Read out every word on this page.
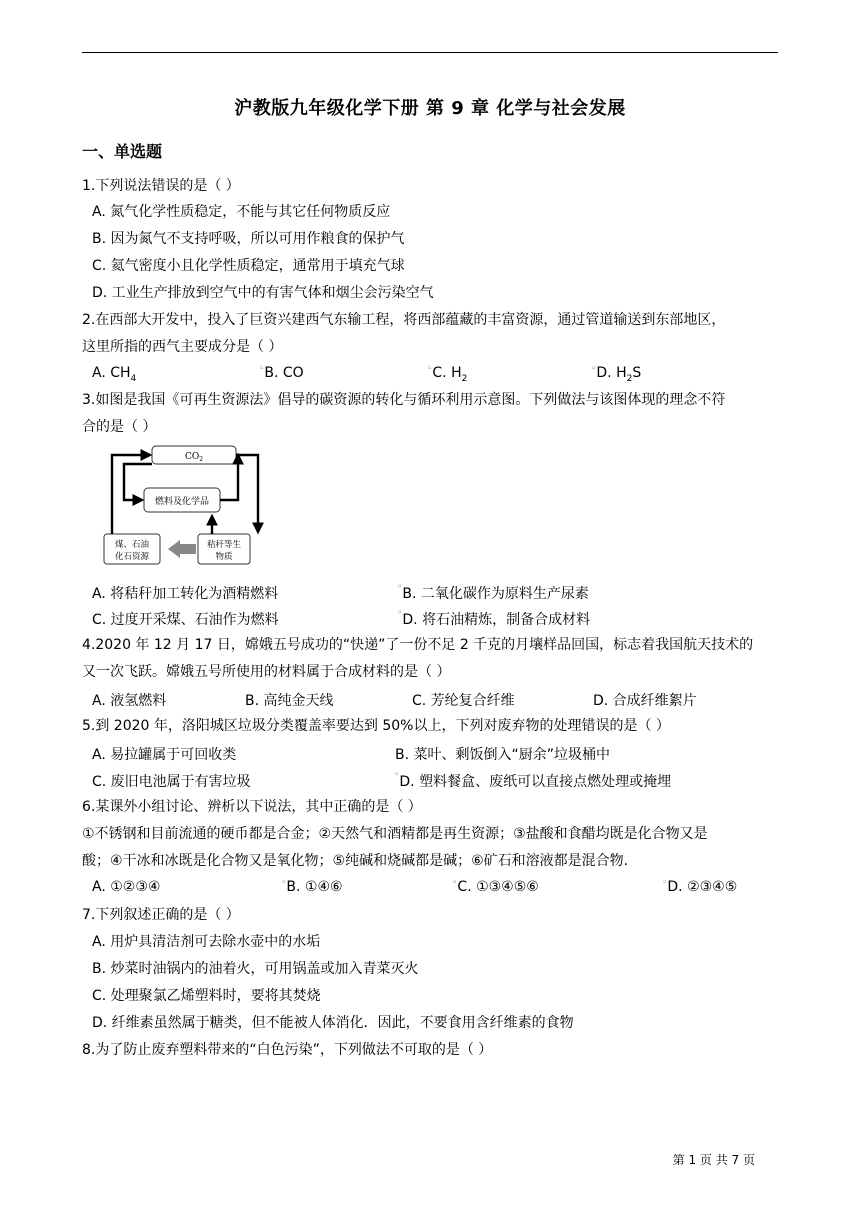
沪教版九年级化学下册 第 9 章 化学与社会发展
一、单选题
1.下列说法错误的是（ ）
A. 氮气化学性质稳定，不能与其它任何物质反应
B. 因为氮气不支持呼吸，所以可用作粮食的保护气
C. 氦气密度小且化学性质稳定，通常用于填充气球
D. 工业生产排放到空气中的有害气体和烟尘会污染空气
2.在西部大开发中，投入了巨资兴建西气东输工程，将西部蕴藏的丰富资源，通过管道输送到东部地区，
这里所指的西气主要成分是（ ）
A. $CH_4$
▫B. CO	▫C. $H_2$
▫D. $H_2S$
3.如图是我国《可再生资源法》倡导的碳资源的转化与循环利用示意图。下列做法与该图体现的理念不符
合的是（ ）
$CO_2$
燃料及化学品
煤、石油
化石资源
秸秆等生
物质
A. 将秸秆加工转化为酒精燃料	▫B. 二氧化碳作为原料生产尿素
C. 过度开采煤、石油作为燃料	▫D. 将石油精炼，制备合成材料
4.2020 年 12 月 17 日，嫦娥五号成功的“快递”了一份不足 2 千克的月壤样品回国，标志着我国航天技术的
又一次飞跃。嫦娥五号所使用的材料属于合成材料的是（ ）
A. 液氢燃料	B. 高纯金天线	C. 芳纶复合纤维	D. 合成纤维絮片
5.到 2020 年，洛阳城区垃圾分类覆盖率要达到 50%以上，下列对废弃物的处理错误的是（ ）
A. 易拉罐属于可回收类	B. 菜叶、剩饭倒入“厨余”垃圾桶中
C. 废旧电池属于有害垃圾	▫D. 塑料餐盒、废纸可以直接点燃处理或掩埋
6.某课外小组讨论、辨析以下说法，其中正确的是（ ）
①不锈钢和目前流通的硬币都是合金；②天然气和酒精都是再生资源；③盐酸和食醋均既是化合物又是
酸；④干冰和冰既是化合物又是氧化物；⑤纯碱和烧碱都是碱；⑥矿石和溶液都是混合物.
A. ①②③④	▫B. ①④⑥	▫C. ①③④⑤⑥	▫D. ②③④⑤
7.下列叙述正确的是（ ）
A. 用炉具清洁剂可去除水壶中的水垢
B. 炒菜时油锅内的油着火，可用锅盖或加入青菜灭火
C. 处理聚氯乙烯塑料时，要将其焚烧
D. 纤维素虽然属于糖类，但不能被人体消化．因此，不要食用含纤维素的食物
8.为了防止废弃塑料带来的“白色污染”，下列做法不可取的是（ ）
第 1 页 共 7 页
